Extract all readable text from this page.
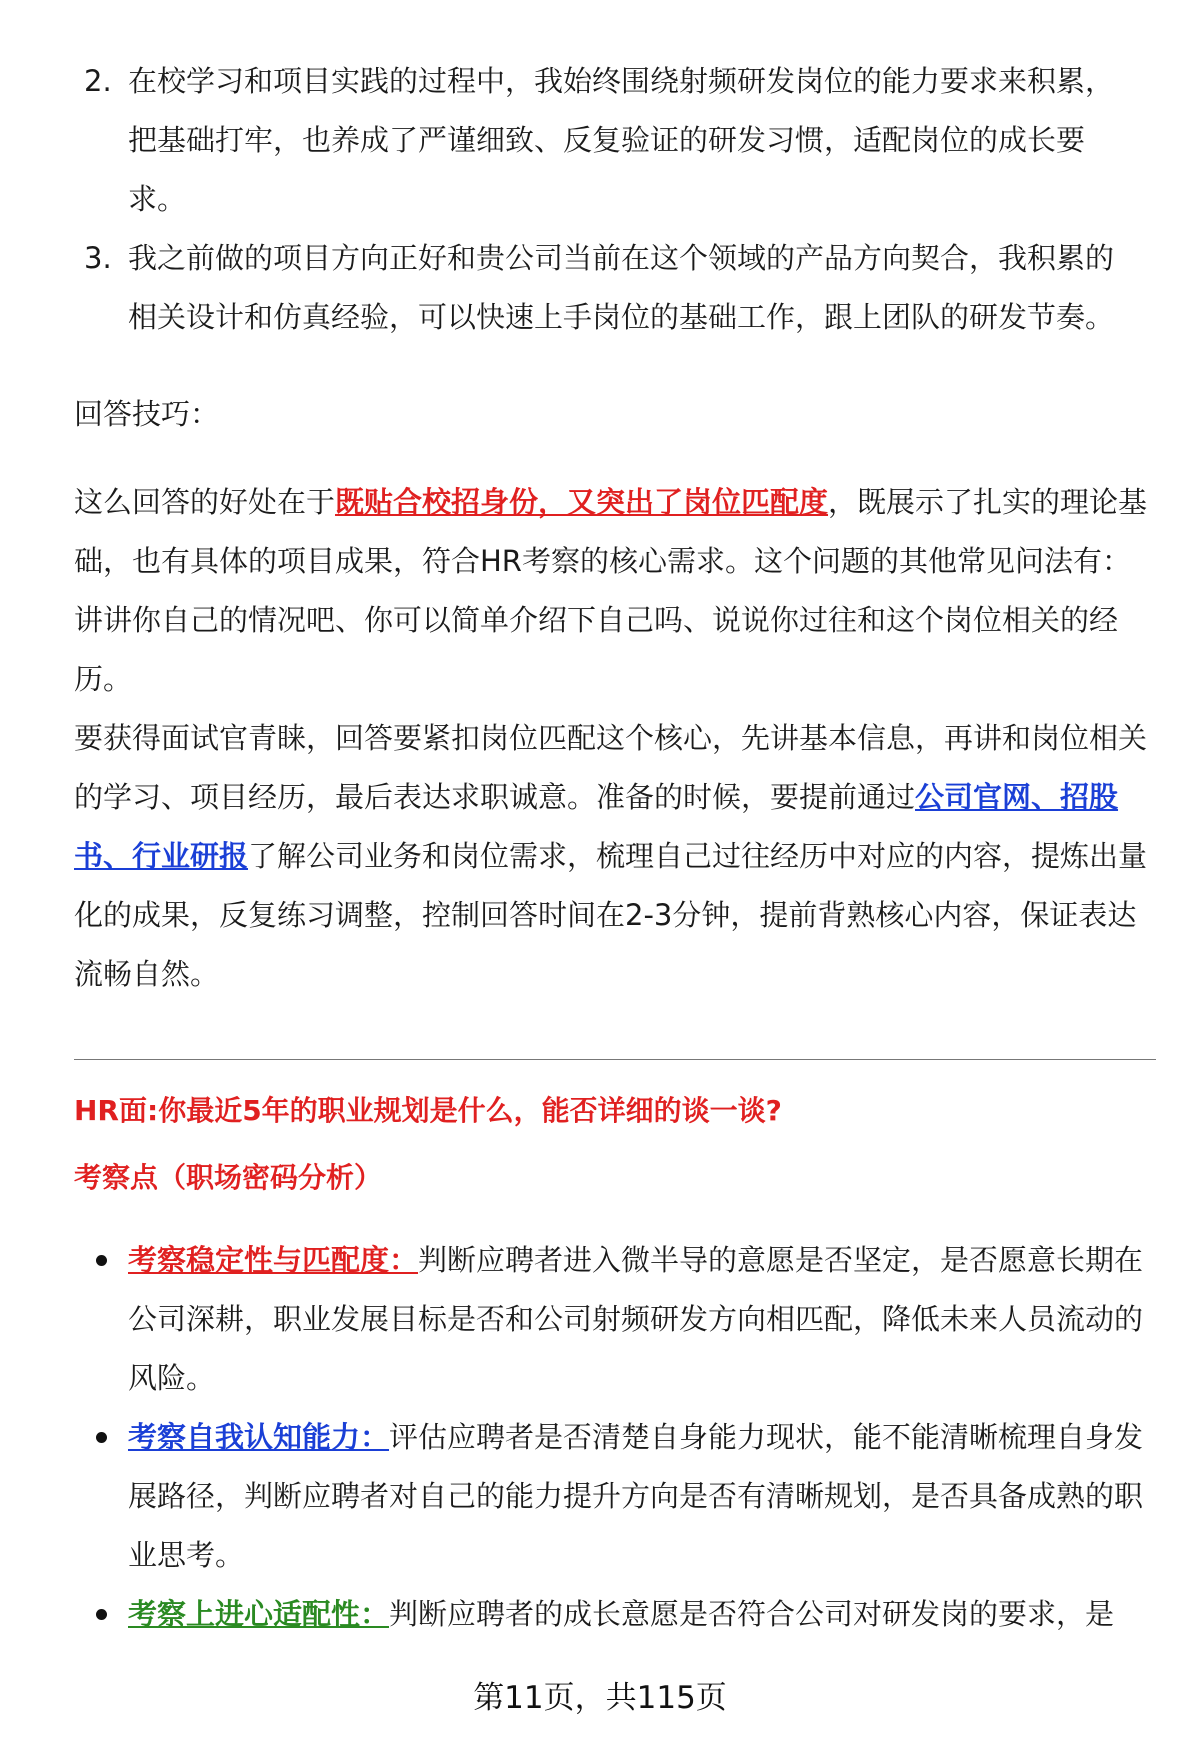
2. 在校学习和项目实践的过程中，我始终围绕射频研发岗位的能力要求来积累，把基础打牢，也养成了严谨细致、反复验证的研发习惯，适配岗位的成长要求。
3. 我之前做的项目方向正好和贵公司当前在这个领域的产品方向契合，我积累的相关设计和仿真经验，可以快速上手岗位的基础工作，跟上团队的研发节奏。
回答技巧：
这么回答的好处在于既贴合校招身份，又突出了岗位匹配度，既展示了扎实的理论基础，也有具体的项目成果，符合HR考察的核心需求。这个问题的其他常见问法有：讲讲你自己的情况吧、你可以简单介绍下自己吗、说说你过往和这个岗位相关的经历。
要获得面试官青睐，回答要紧扣岗位匹配这个核心，先讲基本信息，再讲和岗位相关的学习、项目经历，最后表达求职诚意。准备的时候，要提前通过公司官网、招股书、行业研报了解公司业务和岗位需求，梳理自己过往经历中对应的内容，提炼出量化的成果，反复练习调整，控制回答时间在2-3分钟，提前背熟核心内容，保证表达流畅自然。
HR面:你最近5年的职业规划是什么，能否详细的谈一谈?
考察点（职场密码分析）
考察稳定性与匹配度：判断应聘者进入微半导的意愿是否坚定，是否愿意长期在公司深耕，职业发展目标是否和公司射频研发方向相匹配，降低未来人员流动的风险。
考察自我认知能力：评估应聘者是否清楚自身能力现状，能不能清晰梳理自身发展路径，判断应聘者对自己的能力提升方向是否有清晰规划，是否具备成熟的职业思考。
考察上进心适配性：判断应聘者的成长意愿是否符合公司对研发岗的要求，是
第11页，共115页
